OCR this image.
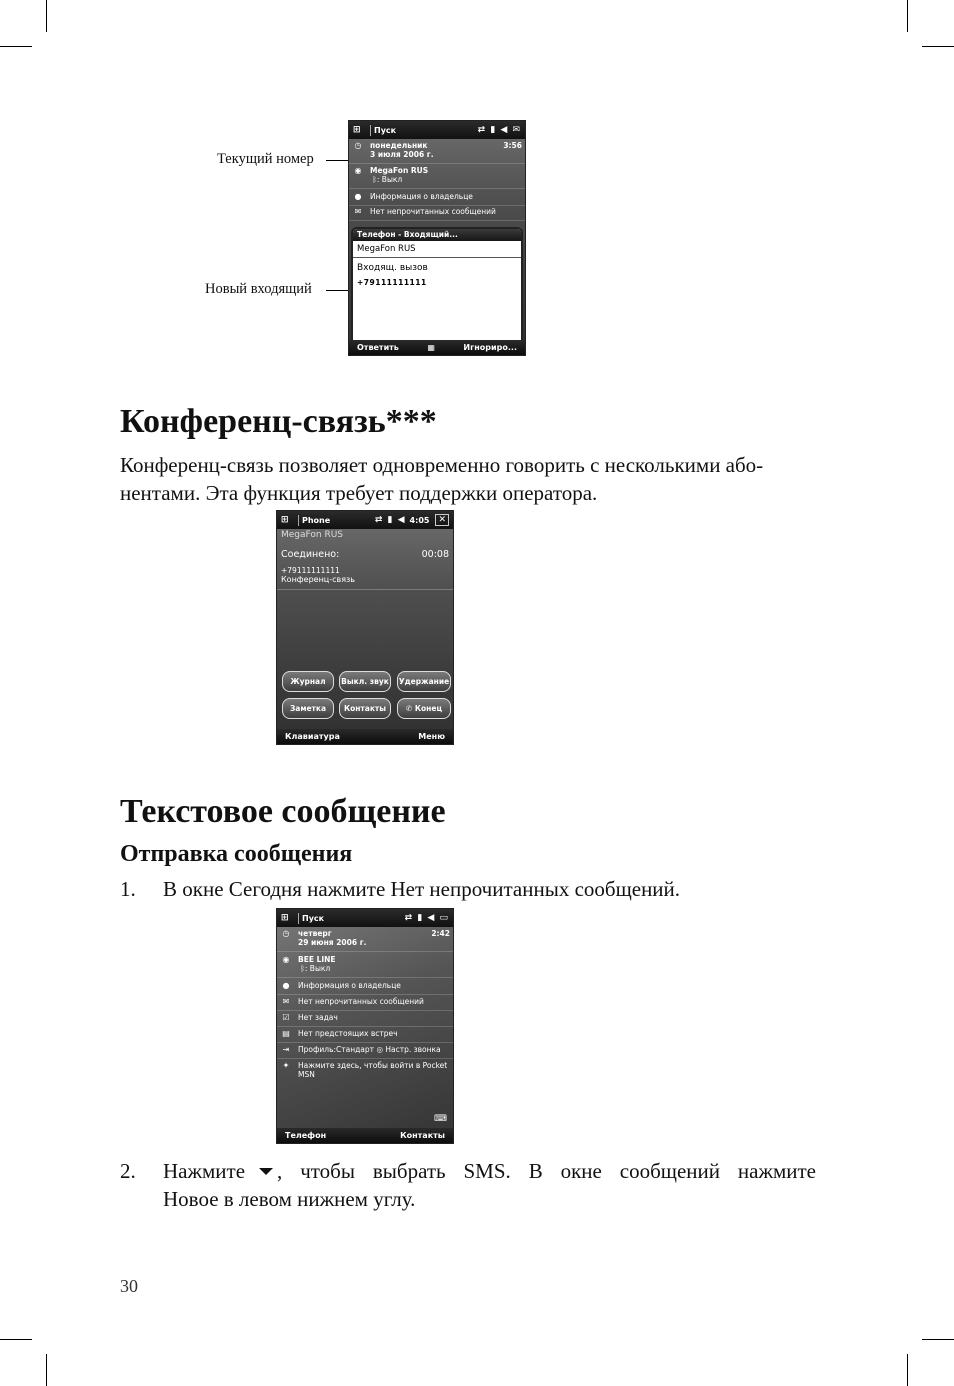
Текущий номер
Новый входящий
⊞	Пуск	⇄ ▮ ◀ ✉
◷	понедельник
3 июля 2006 г.
3:56
◉	MegaFon RUS
ᛒ: Выкл
●	Информация о владельце
✉	Нет непрочитанных сообщений
Телефон - Входящий...
MegaFon RUS
Входящ. вызов
+79111111111
Ответить	▦	Игнориро...
Конференц-связь***
Конференц-связь позволяет одновременно говорить с несколькими або-
нентами. Эта функция требует поддержки оператора.
⊞	Phone	⇄ ▮ ◀ 4:05	✕
MegaFon RUS
Соединено:	00:08
+79111111111
Конференц-связь
Журнал	Выкл. звук Удержание
Заметка	Контакты	✆ Конец
Клавиатура	Меню
Текстовое сообщение
Отправка сообщения
1. В окне Сегодня нажмите Нет непрочитанных сообщений.
⊞	Пуск	⇄ ▮ ◀ ▭
◷	четверг
29 июня 2006 г.
2:42
◉	BEE LINE
ᛒ: Выкл
●	Информация о владельце
✉	Нет непрочитанных сообщений
☑	Нет задач
▤ Нет предстоящих встреч
⇥	Профиль:Стандарт ◎ Настр. звонка
✦	Нажмите здесь, чтобы войти в Pocket MSN
⌨
Телефон	Контакты
2. Нажмите , чтобы выбрать SMS. В окне сообщений нажмите
Новое в левом нижнем углу.
30
